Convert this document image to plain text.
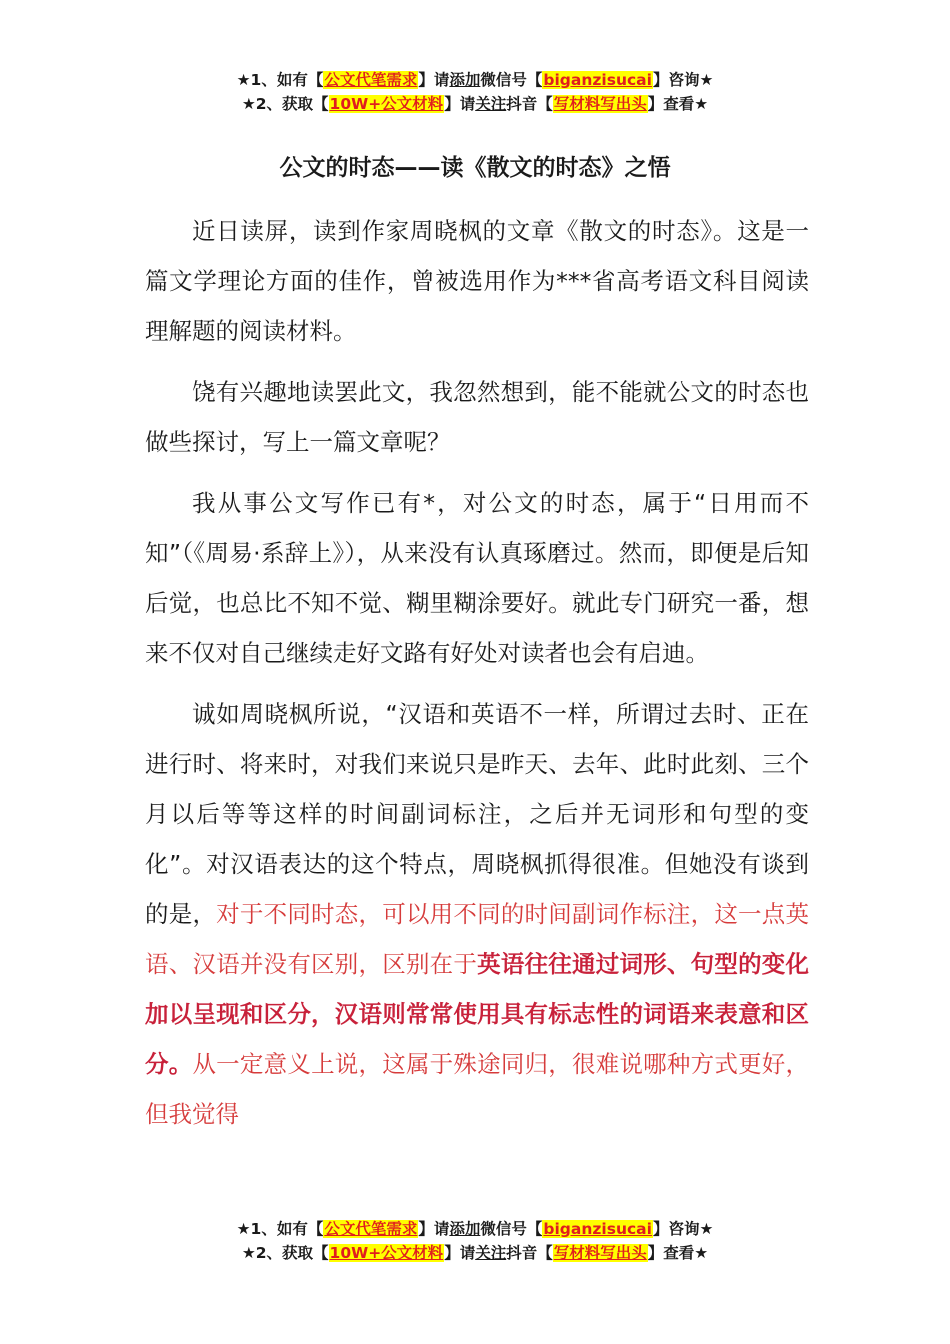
★1、如有【公文代笔需求】请添加微信号【biganzisucai】咨询★
★2、获取【10W+公文材料】请关注抖音【写材料写出头】查看★
公文的时态——读《散文的时态》之悟

近日读屏，读到作家周晓枫的文章《散文的时态》。这是一篇文学理论方面的佳作，曾被选用作为***省高考语文科目阅读理解题的阅读材料。

饶有兴趣地读罢此文，我忽然想到，能不能就公文的时态也做些探讨，写上一篇文章呢？

我从事公文写作已有*，对公文的时态，属于“日用而不知”（《周易·系辞上》），从来没有认真琢磨过。然而，即便是后知后觉，也总比不知不觉、糊里糊涂要好。就此专门研究一番，想来不仅对自己继续走好文路有好处对读者也会有启迪。

诚如周晓枫所说，“汉语和英语不一样，所谓过去时、正在进行时、将来时，对我们来说只是昨天、去年、此时此刻、三个月以后等等这样的时间副词标注，之后并无词形和句型的变化”。对汉语表达的这个特点，周晓枫抓得很准。但她没有谈到的是，对于不同时态，可以用不同的时间副词作标注，这一点英语、汉语并没有区别，区别在于英语往往通过词形、句型的变化加以呈现和区分，汉语则常常使用具有标志性的词语来表意和区分。从一定意义上说，这属于殊途同归，很难说哪种方式更好，但我觉得

★1、如有【公文代笔需求】请添加微信号【biganzisucai】咨询★
★2、获取【10W+公文材料】请关注抖音【写材料写出头】查看★
